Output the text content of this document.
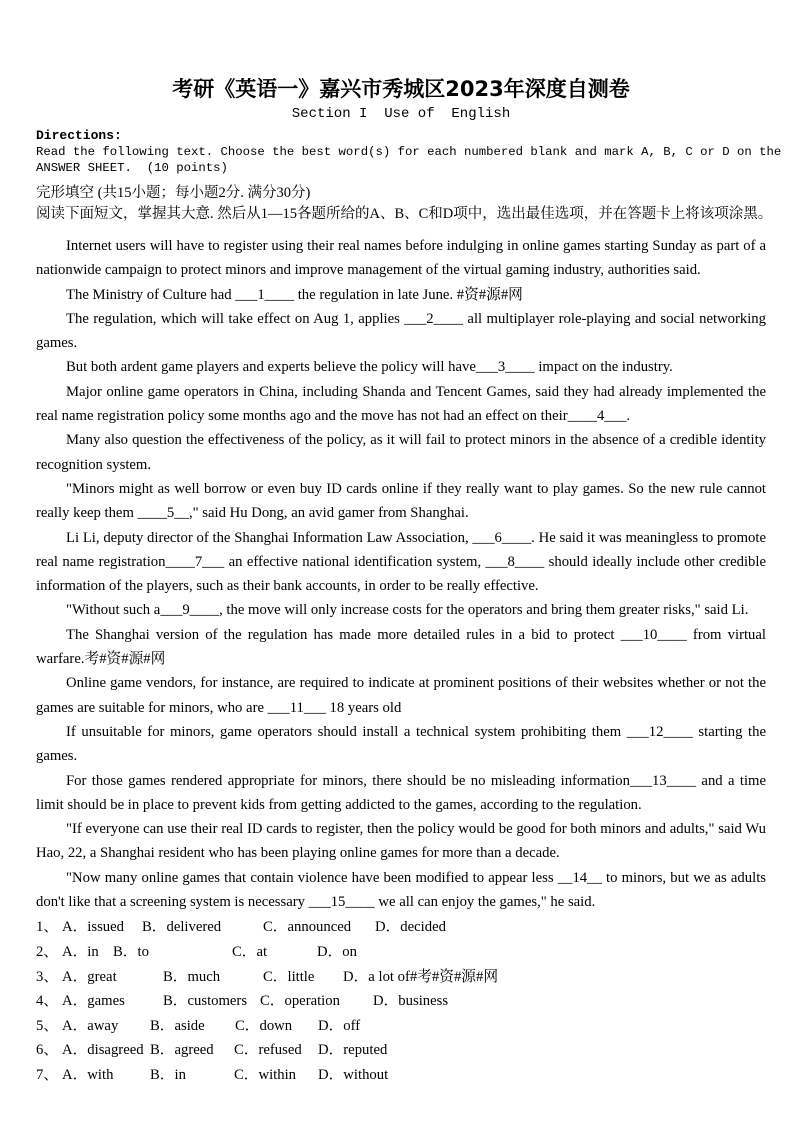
考研《英语一》嘉兴市秀城区2023年深度自测卷
Section I  Use of  English
Directions:
Read the following text. Choose the best word(s) for each numbered blank and mark A, B, C or D on the
ANSWER SHEET.  (10 points)
完形填空 (共15小题；每小题2分. 满分30分)
阅读下面短文，掌握其大意. 然后从1—15各题所给的A、B、C和D项中，选出最佳选项，并在答题卡上将该项涂黑。

Internet users will have to register using their real names before indulging in online games starting Sunday as part of a nationwide campaign to protect minors and improve management of the virtual gaming industry, authorities said.

The Ministry of Culture had ___1____ the regulation in late June. #资#源#网

The regulation, which will take effect on Aug 1, applies ___2____ all multiplayer role-playing and social networking games.

But both ardent game players and experts believe the policy will have___3____ impact on the industry.

Major online game operators in China, including Shanda and Tencent Games, said they had already implemented the real name registration policy some months ago and the move has not had an effect on their____4___.

Many also question the effectiveness of the policy, as it will fail to protect minors in the absence of a credible identity recognition system.

"Minors might as well borrow or even buy ID cards online if they really want to play games. So the new rule cannot really keep them ____5__," said Hu Dong, an avid gamer from Shanghai.

Li Li, deputy director of the Shanghai Information Law Association, ___6____. He said it was meaningless to promote real name registration____7___ an effective national identification system, ___8____ should ideally include other credible information of the players, such as their bank accounts, in order to be really effective.

"Without such a___9____, the move will only increase costs for the operators and bring them greater risks," said Li.

The Shanghai version of the regulation has made more detailed rules in a bid to protect ___10____ from virtual warfare.考#资#源#网

Online game vendors, for instance, are required to indicate at prominent positions of their websites whether or not the games are suitable for minors, who are ___11___ 18 years old

If unsuitable for minors, game operators should install a technical system prohibiting them ___12____ starting the games.

For those games rendered appropriate for minors, there should be no misleading information___13____ and a time limit should be in place to prevent kids from getting addicted to the games, according to the regulation.

"If everyone can use their real ID cards to register, then the policy would be good for both minors and adults," said Wu Hao, 22, a Shanghai resident who has been playing online games for more than a decade.

"Now many online games that contain violence have been modified to appear less __14__ to minors, but we as adults don't like that a screening system is necessary ___15____ we all can enjoy the games," he said.

1、 A．issued	B．delivered	C．announced	D．decided
2、 A．in B．to	C．at	D．on
3、 A．great	B．much	C．little	D．a lot of#考#资#源#网
4、 A．games	B．customers C．operation	D．business
5、 A．away	B．aside	C．down	D．off
6、 A．disagreed B．agreed	C．refused	D．reputed
7、 A．with	B．in	C．within	D．without
